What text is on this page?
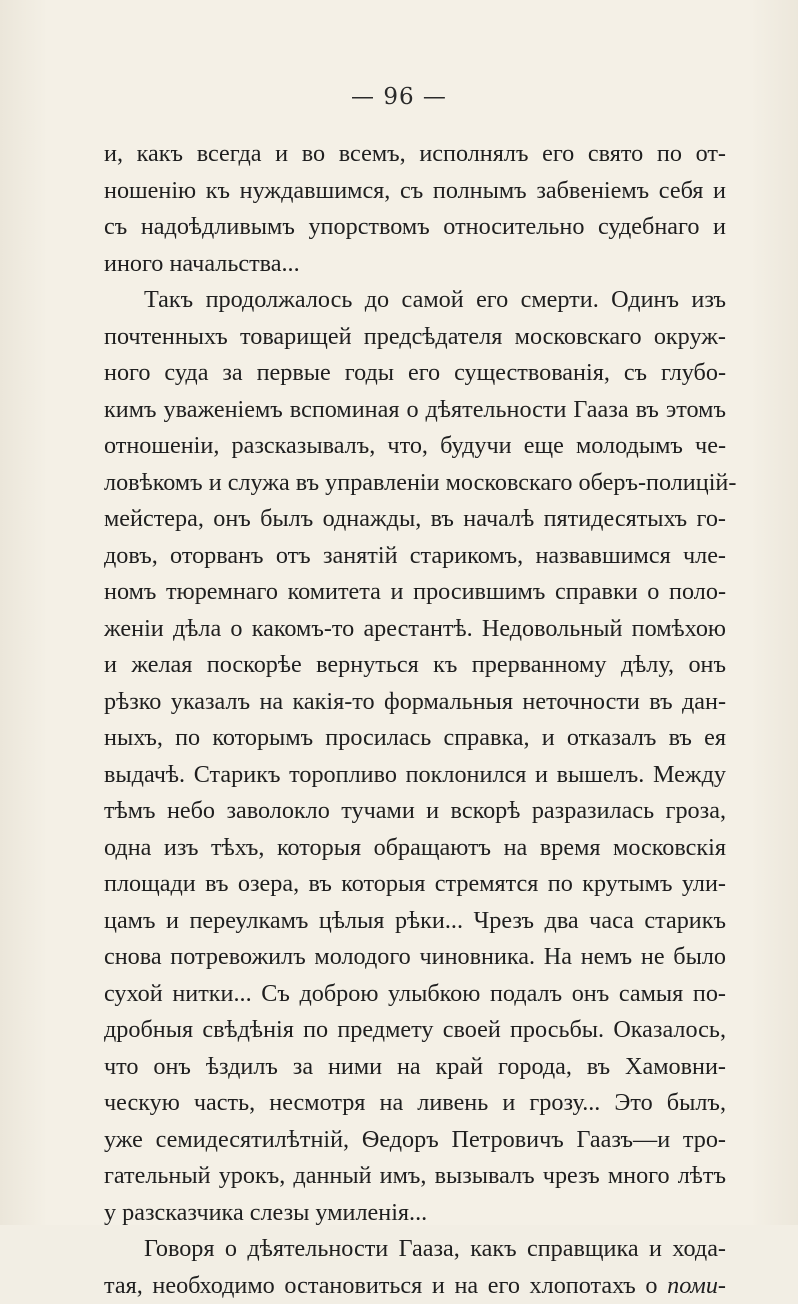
— 96 —
и, какъ всегда и во всемъ, исполнялъ его свято по от-
ношенію къ нуждавшимся, съ полнымъ забвеніемъ себя и
съ надоѣдливымъ упорствомъ относительно судебнаго и
иного начальства...
Такъ продолжалось до самой его смерти. Одинъ изъ
почтенныхъ товарищей предсѣдателя московскаго окруж-
ного суда за первые годы его существованія, съ глубо-
кимъ уваженіемъ вспоминая о дѣятельности Гааза въ этомъ
отношеніи, разсказывалъ, что, будучи еще молодымъ че-
ловѣкомъ и служа въ управленіи московскаго оберъ-полицій-
мейстера, онъ былъ однажды, въ началѣ пятидесятыхъ го-
довъ, оторванъ отъ занятій старикомъ, назвавшимся чле-
номъ тюремнаго комитета и просившимъ справки о поло-
женіи дѣла о какомъ-то арестантѣ. Недовольный помѣхою
и желая поскорѣе вернуться къ прерванному дѣлу, онъ
рѣзко указалъ на какія-то формальныя неточности въ дан-
ныхъ, по которымъ просилась справка, и отказалъ въ ея
выдачѣ. Старикъ торопливо поклонился и вышелъ. Между
тѣмъ небо заволокло тучами и вскорѣ разразилась гроза,
одна изъ тѣхъ, которыя обращаютъ на время московскія
площади въ озера, въ которыя стремятся по крутымъ ули-
цамъ и переулкамъ цѣлыя рѣки... Чрезъ два часа старикъ
снова потревожилъ молодого чиновника. На немъ не было
сухой нитки... Съ доброю улыбкою подалъ онъ самыя по-
дробныя свѣдѣнія по предмету своей просьбы. Оказалось,
что онъ ѣздилъ за ними на край города, въ Хамовни-
ческую часть, несмотря на ливень и грозу... Это былъ,
уже семидесятилѣтній, Ѳедоръ Петровичъ Гаазъ—и тро-
гательный урокъ, данный имъ, вызывалъ чрезъ много лѣтъ
у разсказчика слезы умиленія...
Говоря о дѣятельности Гааза, какъ справщика и хода-
тая, необходимо остановиться и на его хлопотахъ о поми-
